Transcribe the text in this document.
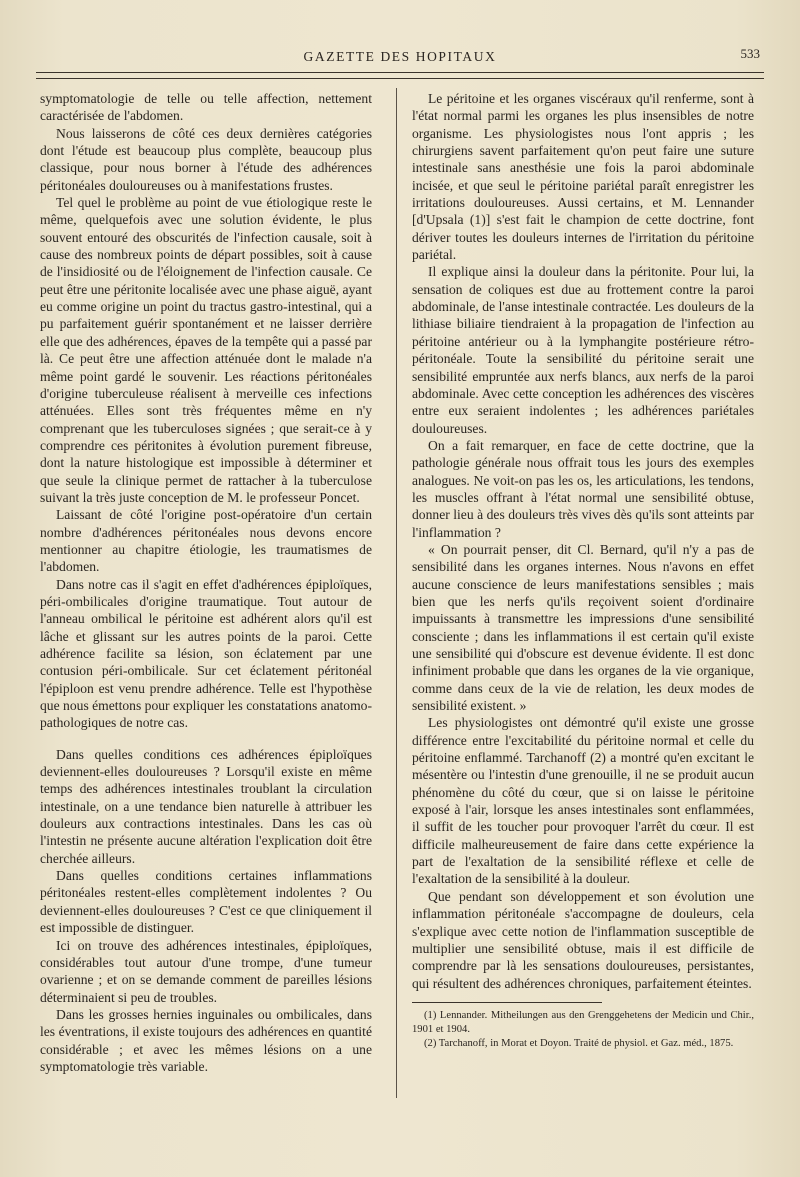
GAZETTE DES HOPITAUX	533

symptomatologie de telle ou telle affection, nettement caractérisée de l'abdomen.

Nous laisserons de côté ces deux dernières catégories dont l'étude est beaucoup plus complète, beaucoup plus classique, pour nous borner à l'étude des adhérences péritonéales douloureuses ou à manifestations frustes.

Tel quel le problème au point de vue étiologique reste le même, quelquefois avec une solution évidente, le plus souvent entouré des obscurités de l'infection causale, soit à cause des nombreux points de départ possibles, soit à cause de l'insidiosité ou de l'éloignement de l'infection causale. Ce peut être une péritonite localisée avec une phase aiguë, ayant eu comme origine un point du tractus gastro-intestinal, qui a pu parfaitement guérir spontanément et ne laisser derrière elle que des adhérences, épaves de la tempête qui a passé par là. Ce peut être une affection atténuée dont le malade n'a même point gardé le souvenir. Les réactions péritonéales d'origine tuberculeuse réalisent à merveille ces infections atténuées. Elles sont très fréquentes même en n'y comprenant que les tuberculoses signées ; que serait-ce à y comprendre ces péritonites à évolution purement fibreuse, dont la nature histologique est impossible à déterminer et que seule la clinique permet de rattacher à la tuberculose suivant la très juste conception de M. le professeur Poncet.

Laissant de côté l'origine post-opératoire d'un certain nombre d'adhérences péritonéales nous devons encore mentionner au chapitre étiologie, les traumatismes de l'abdomen.

Dans notre cas il s'agit en effet d'adhérences épiploïques, péri-ombilicales d'origine traumatique. Tout autour de l'anneau ombilical le péritoine est adhérent alors qu'il est lâche et glissant sur les autres points de la paroi. Cette adhérence facilite sa lésion, son éclatement par une contusion péri-ombilicale. Sur cet éclatement péritonéal l'épiploon est venu prendre adhérence. Telle est l'hypothèse que nous émettons pour expliquer les constatations anatomo-pathologiques de notre cas.

Dans quelles conditions ces adhérences épiploïques deviennent-elles douloureuses ? Lorsqu'il existe en même temps des adhérences intestinales troublant la circulation intestinale, on a une tendance bien naturelle à attribuer les douleurs aux contractions intestinales. Dans les cas où l'intestin ne présente aucune altération l'explication doit être cherchée ailleurs.

Dans quelles conditions certaines inflammations péritonéales restent-elles complètement indolentes ? Ou deviennent-elles douloureuses ? C'est ce que cliniquement il est impossible de distinguer.

Ici on trouve des adhérences intestinales, épiploïques, considérables tout autour d'une trompe, d'une tumeur ovarienne ; et on se demande comment de pareilles lésions déterminaient si peu de troubles.

Dans les grosses hernies inguinales ou ombilicales, dans les éventrations, il existe toujours des adhérences en quantité considérable ; et avec les mêmes lésions on a une symptomatologie très variable.

Le péritoine et les organes viscéraux qu'il renferme, sont à l'état normal parmi les organes les plus insensibles de notre organisme. Les physiologistes nous l'ont appris ; les chirurgiens savent parfaitement qu'on peut faire une suture intestinale sans anesthésie une fois la paroi abdominale incisée, et que seul le péritoine pariétal paraît enregistrer les irritations douloureuses. Aussi certains, et M. Lennander [d'Upsala (1)] s'est fait le champion de cette doctrine, font dériver toutes les douleurs internes de l'irritation du péritoine pariétal.

Il explique ainsi la douleur dans la péritonite. Pour lui, la sensation de coliques est due au frottement contre la paroi abdominale, de l'anse intestinale contractée. Les douleurs de la lithiase biliaire tiendraient à la propagation de l'infection au péritoine antérieur ou à la lymphangite postérieure rétro-péritonéale. Toute la sensibilité du péritoine serait une sensibilité empruntée aux nerfs blancs, aux nerfs de la paroi abdominale. Avec cette conception les adhérences des viscères entre eux seraient indolentes ; les adhérences pariétales douloureuses.

On a fait remarquer, en face de cette doctrine, que la pathologie générale nous offrait tous les jours des exemples analogues. Ne voit-on pas les os, les articulations, les tendons, les muscles offrant à l'état normal une sensibilité obtuse, donner lieu à des douleurs très vives dès qu'ils sont atteints par l'inflammation ?

« On pourrait penser, dit Cl. Bernard, qu'il n'y a pas de sensibilité dans les organes internes. Nous n'avons en effet aucune conscience de leurs manifestations sensibles ; mais bien que les nerfs qu'ils reçoivent soient d'ordinaire impuissants à transmettre les impressions d'une sensibilité consciente ; dans les inflammations il est certain qu'il existe une sensibilité qui d'obscure est devenue évidente. Il est donc infiniment probable que dans les organes de la vie organique, comme dans ceux de la vie de relation, les deux modes de sensibilité existent. »

Les physiologistes ont démontré qu'il existe une grosse différence entre l'excitabilité du péritoine normal et celle du péritoine enflammé. Tarchanoff (2) a montré qu'en excitant le mésentère ou l'intestin d'une grenouille, il ne se produit aucun phénomène du côté du cœur, que si on laisse le péritoine exposé à l'air, lorsque les anses intestinales sont enflammées, il suffit de les toucher pour provoquer l'arrêt du cœur. Il est difficile malheureusement de faire dans cette expérience la part de l'exaltation de la sensibilité réflexe et celle de l'exaltation de la sensibilité à la douleur.

Que pendant son développement et son évolution une inflammation péritonéale s'accompagne de douleurs, cela s'explique avec cette notion de l'inflammation susceptible de multiplier une sensibilité obtuse, mais il est difficile de comprendre par là les sensations douloureuses, persistantes, qui résultent des adhérences chroniques, parfaitement éteintes.

(1) Lennander. Mitheilungen aus den Grenggehetens der Medicin und Chir., 1901 et 1904.

(2) Tarchanoff, in Morat et Doyon. Traité de physiol. et Gaz. méd., 1875.
